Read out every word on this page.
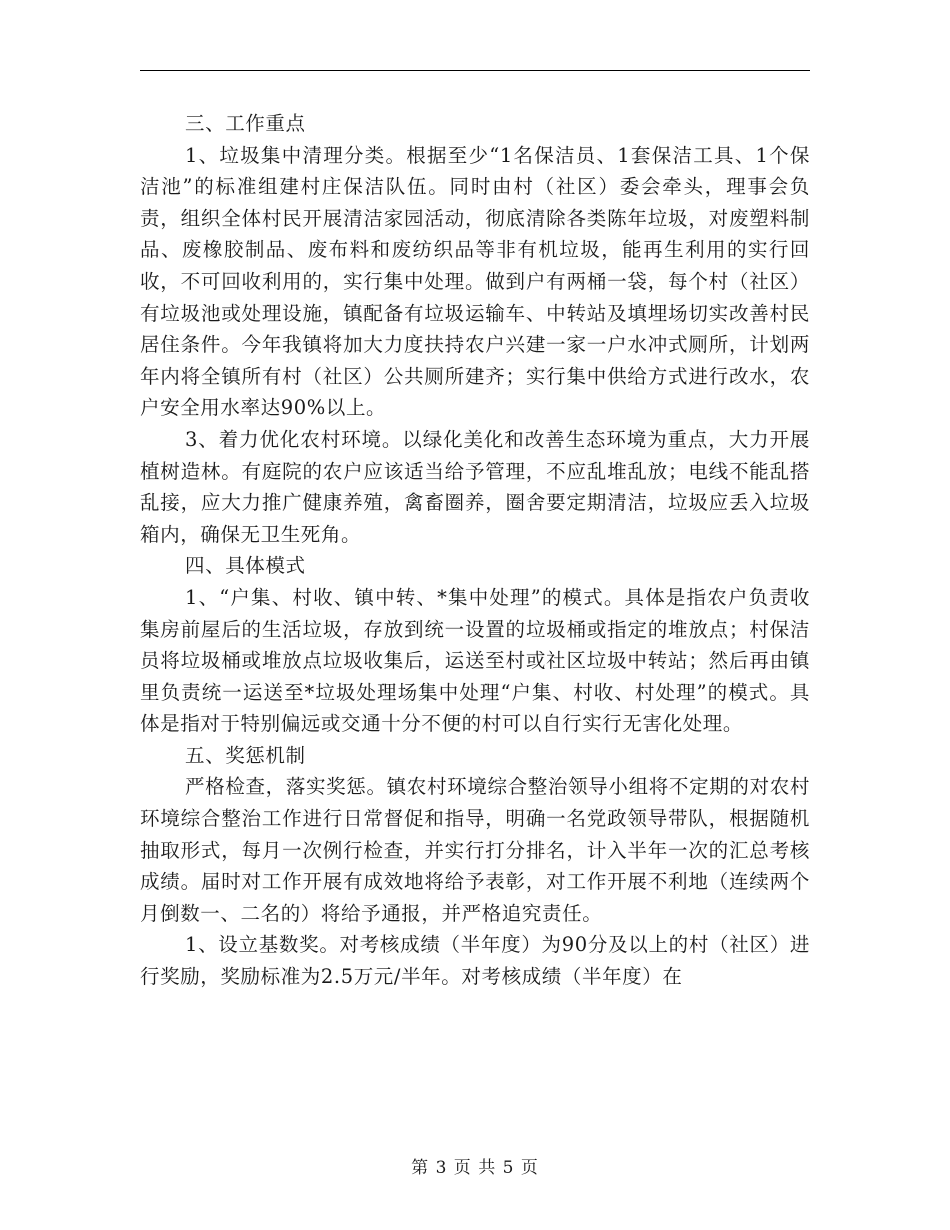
三、工作重点

1、垃圾集中清理分类。根据至少“1名保洁员、1套保洁工具、1个保洁池”的标准组建村庄保洁队伍。同时由村（社区）委会牵头，理事会负责，组织全体村民开展清洁家园活动，彻底清除各类陈年垃圾，对废塑料制品、废橡胶制品、废布料和废纺织品等非有机垃圾，能再生利用的实行回收，不可回收利用的，实行集中处理。做到户有两桶一袋，每个村（社区）有垃圾池或处理设施，镇配备有垃圾运输车、中转站及填埋场切实改善村民居住条件。今年我镇将加大力度扶持农户兴建一家一户水冲式厕所，计划两年内将全镇所有村（社区）公共厕所建齐；实行集中供给方式进行改水，农户安全用水率达90%以上。

3、着力优化农村环境。以绿化美化和改善生态环境为重点，大力开展植树造林。有庭院的农户应该适当给予管理，不应乱堆乱放；电线不能乱搭乱接，应大力推广健康养殖，禽畜圈养，圈舍要定期清洁，垃圾应丢入垃圾箱内，确保无卫生死角。

四、具体模式

1、“户集、村收、镇中转、*集中处理”的模式。具体是指农户负责收集房前屋后的生活垃圾，存放到统一设置的垃圾桶或指定的堆放点；村保洁员将垃圾桶或堆放点垃圾收集后，运送至村或社区垃圾中转站；然后再由镇里负责统一运送至*垃圾处理场集中处理“户集、村收、村处理”的模式。具体是指对于特别偏远或交通十分不便的村可以自行实行无害化处理。

五、奖惩机制

严格检查，落实奖惩。镇农村环境综合整治领导小组将不定期的对农村环境综合整治工作进行日常督促和指导，明确一名党政领导带队，根据随机抽取形式，每月一次例行检查，并实行打分排名，计入半年一次的汇总考核成绩。届时对工作开展有成效地将给予表彰，对工作开展不利地（连续两个月倒数一、二名的）将给予通报，并严格追究责任。

1、设立基数奖。对考核成绩（半年度）为90分及以上的村（社区）进行奖励，奖励标准为2.5万元/半年。对考核成绩（半年度）在

第 3 页 共 5 页
